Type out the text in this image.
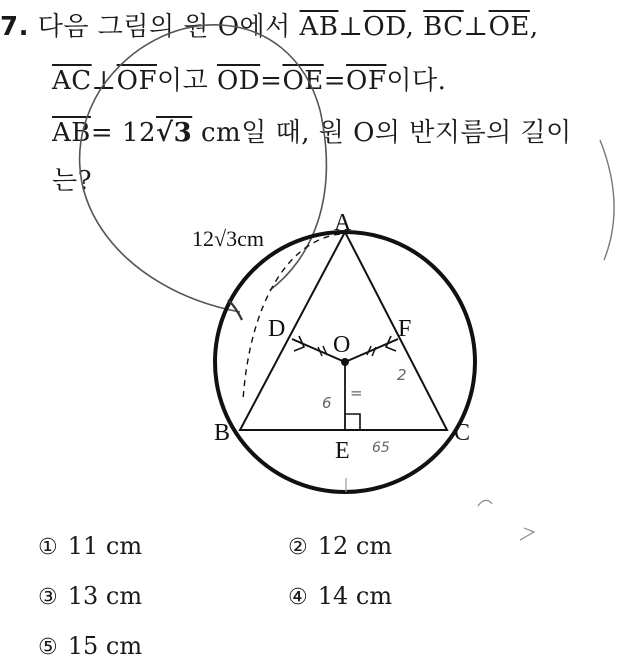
7. 다음 그림의 원 O에서 $\overline{AB}\perp\overline{OD}$, $\overline{BC}\perp\overline{OE}$,
$\overline{AC}\perp\overline{OF}$이고 $\overline{OD}=\overline{OE}=\overline{OF}$이다.
$\overline{AB}= 12√3$ cm일 때, 원 O의 반지름의 길이
는?
A
B	C
D
E
F
O
12√3cm
6
=
2
65
① 11 cm	② 12 cm
③ 13 cm	④ 14 cm
⑤ 15 cm
